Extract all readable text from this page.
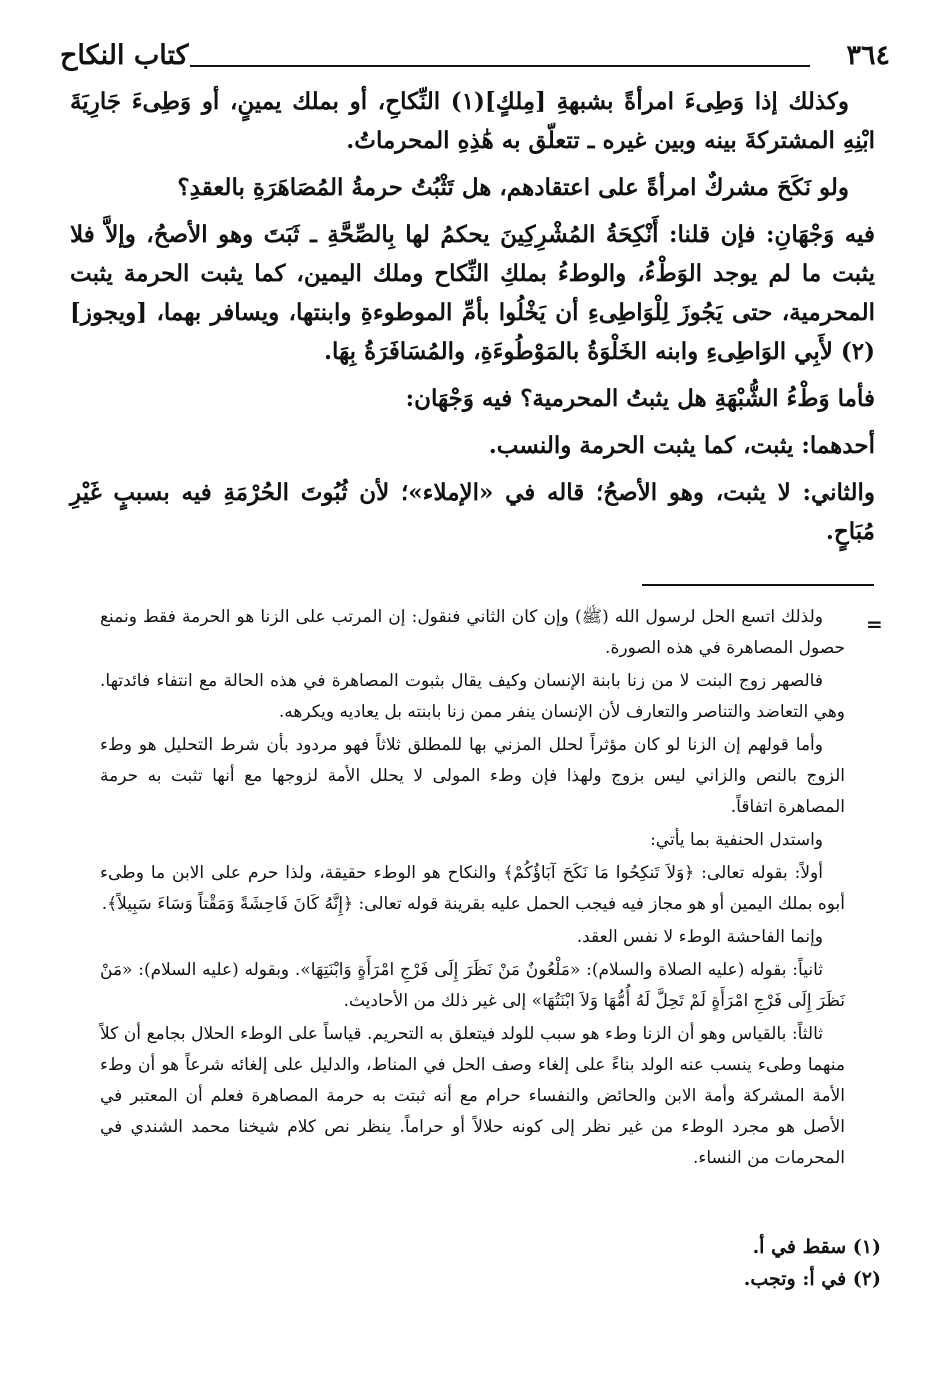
٣٦٤
كتاب النكاح

وكذلك إذا وَطِىءَ امرأةً بشبهةِ [مِلكٍ](١) النِّكاحِ، أو بملك يمينٍ، أو وَطِىءَ جَارِيَةَ ابْنِهِ المشتركةَ بينه وبين غيره ـ تتعلّق به هَٰذِهِ المحرماتُ.

ولو نَكَحَ مشركٌ امرأةً على اعتقادهم، هل تَثْبُتُ حرمةُ المُصَاهَرَةِ بالعقدِ؟

فيه وَجْهَانِ: فإن قلنا: أَنْكِحَةُ المُشْرِكِينَ يحكمُ لها بِالصِّحَّةِ ـ ثَبَتَ وهو الأصحُ، وإلاَّ فلا يثبت ما لم يوجد الوَطْءُ، والوطءُ بملكِ النِّكاح وملك اليمين، كما يثبت الحرمة يثبت المحرمية، حتى يَجُوزَ لِلْوَاطِىءِ أن يَخْلُوا بأمِّ الموطوءةِ وابنتها، ويسافر بهما، [ويجوز](٢) لأَبِي الوَاطِىءِ وابنه الخَلْوَةُ بالمَوْطُوءَةِ، والمُسَافَرَةُ بِهَا.

فأما وَطْءُ الشُّبْهَةِ هل يثبتُ المحرمية؟ فيه وَجْهَان:

أحدهما: يثبت، كما يثبت الحرمة والنسب.

والثاني: لا يثبت، وهو الأصحُ؛ قاله في «الإملاء»؛ لأن ثُبُوتَ الحُرْمَةِ فيه بسببٍ غَيْرِ مُبَاحٍ.

=

ولذلك اتسع الحل لرسول الله (ﷺ) وإن كان الثاني فنقول: إن المرتب على الزنا هو الحرمة فقط ونمنع حصول المصاهرة في هذه الصورة.

فالصهر زوج البنت لا من زنا بابنة الإنسان وكيف يقال بثبوت المصاهرة في هذه الحالة مع انتفاء فائدتها. وهي التعاضد والتناصر والتعارف لأن الإنسان ينفر ممن زنا بابنته بل يعاديه ويكرهه.

وأما قولهم إن الزنا لو كان مؤثراً لحلل المزني بها للمطلق ثلاثاً فهو مردود بأن شرط التحليل هو وطء الزوج بالنص والزاني ليس بزوج ولهذا فإن وطء المولى لا يحلل الأمة لزوجها مع أنها تثبت به حرمة المصاهرة اتفاقاً.

واستدل الحنفية بما يأتي:

أولاً: بقوله تعالى: ﴿وَلاَ تَنكِحُوا مَا نَكَحَ آبَاؤُكُمْ﴾ والنكاح هو الوطء حقيقة، ولذا حرم على الابن ما وطىء أبوه بملك اليمين أو هو مجاز فيه فيجب الحمل عليه بقرينة قوله تعالى: ﴿إِنَّهُ كَانَ فَاحِشَةً وَمَقْتاً وَسَاءَ سَبِيلاً﴾.

وإنما الفاحشة الوطء لا نفس العقد.

ثانياً: بقوله (عليه الصلاة والسلام): «مَلْعُونٌ مَنْ نَظَرَ إِلَى فَرْجِ امْرَأَةٍ وَابْنَتِهَا». وبقوله (عليه السلام): «مَنْ نَظَرَ إِلَى فَرْجِ امْرَأَةٍ لَمْ تَحِلَّ لَهُ أُمُّهَا وَلاَ ابْنَتُهَا» إلى غير ذلك من الأحاديث.

ثالثاً: بالقياس وهو أن الزنا وطء هو سبب للولد فيتعلق به التحريم. قياساً على الوطء الحلال بجامع أن كلاً منهما وطىء ينسب عنه الولد بناءً على إلغاء وصف الحل في المناط، والدليل على إلغائه شرعاً هو أن وطء الأمة المشركة وأمة الابن والحائض والنفساء حرام مع أنه ثبتت به حرمة المصاهرة فعلم أن المعتبر في الأصل هو مجرد الوطء من غير نظر إلى كونه حلالاً أو حراماً. ينظر نص كلام شيخنا محمد الشندي في المحرمات من النساء.

(١) سقط في أ.
(٢) في أ: وتجب.
